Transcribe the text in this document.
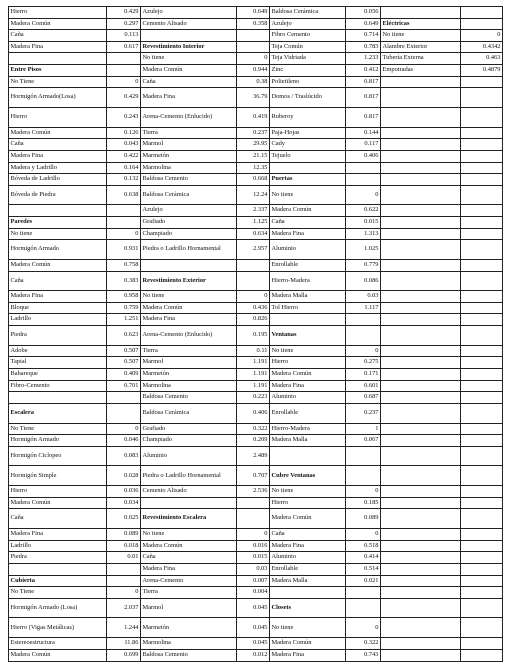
Hierro	0.429	Azulejo	0.649	Baldosa Cerámica	0.056		
Madera Común	0.297	Cemento Alisado	0.358	Azulejo	0.649	Eléctricas	
Caña	0.113			Fibro Cemento	0.714	No tiene	0
Madera Fina	0.617	Revestimiento Interior		Teja Común	0.783	Alambre Exterior	0.4342
		No tiene	0	Teja Vidriada	1.233	Tubería Externa	0.463
Entre Pisos		Madera Común	0.944	Zinc	0.412	Empotradas	0.4879
No Tiene	0	Caña	0.38	Polietileno	0.817		
Hormigón Armado(Losa)	0.429	Madera Fina	36.79	Domos / Traslúcido	0.817		
Hierro	0.243	Arena-Cemento (Enlucido)	0.419	Ruberoy	0.817		
Madera Común	0.126	Tierra	0.237	Paja-Hojas	0.144		
Caña	0.043	Marmol	29.95	Cady	0.117		
Madera Fina	0.422	Marmetón	21.15	Tejuelo	0.406		
Madera y Ladrillo	0.164	Marmolina	12.35				
Bóveda de Ladrillo	0.132	Baldosa Cemento	0.668	Puertas			
Bóveda de Piedra	0.638	Baldosa Cerámica	12.24	No tiene	0		
		Azulejo	2.337	Madera Común	0.622		
Paredes		Grafiado	1.125	Caña	0.015		
No tiene	0	Champiado	0.634	Madera Fina	1.313		
Hormigón Armado	0.931	Piedra o Ladrillo Hornamental	2.957	Aluminio	1.025		
Madera Común	0.758			Enrollable	0.779		
Caña	0.383	Revestimiento Exterior		Hierro-Madera	0.086		
Madera Fina	0.958	No tiene	0	Madera Malla	0.03		
Bloque	0.759	Madera Común	0.436	Tol Hierro	1.117		
Ladrillo	1.251	Madera Fina	0.826				
Piedra	0.623	Arena-Cemento (Enlucido)	0.195	Ventanas			
Adobe	0.507	Tierra	0.11	No tiene	0		
Tapial	0.507	Marmol	1.191	Hierro	0.275		
Bahareque	0.409	Marmetón	1.191	Madera Común	0.171		
Fibro-Cemento	0.701	Marmolina	1.191	Madera Fina	0.601		
		Baldosa Cemento	0.223	Aluminio	0.687		
Escalera		Baldosa Cerámica	0.406	Enrollable	0.237		
No Tiene	0	Grafiado	0.322	Hierro-Madera	1		
Hormigón Armado	0.046	Champiado	0.209	Madera Malla	0.067		
Hormigón Ciclopeo	0.083	Aluminio	2.489				
Hormigón Simple	0.028	Piedra o Ladrillo Hornamental	0.707	Cubre Ventanas			
Hierro	0.036	Cemento Alisado	2.536	No tiene	0		
Madera Común	0.034			Hierro	0.185		
Caña	0.025	Revestimiento Escalera		Madera Común	0.089		
Madera Fina	0.089	No tiene	0	Caña	0		
Ladrillo	0.018	Madera Común	0.016	Madera Fina	0.518		
Piedra	0.01	Caña	0.015	Aluminio	0.414		
		Madera Fina	0.03	Enrollable	0.514		
Cubierta		Arena-Cemento	0.007	Madera Malla	0.021		
No Tiene	0	Tierra	0.004				
Hormigón Armado (Losa)	2.037	Marmol	0.045	Closets			
Hierro (Vigas Metálicas)	1.244	Marmetón	0.045	No tiene	0		
Estereoestructura	11.86	Marmolina	0.045	Madera Común	0.322		
Madera Común	0.699	Baldosa Cemento	0.012	Madera Fina	0.743		
